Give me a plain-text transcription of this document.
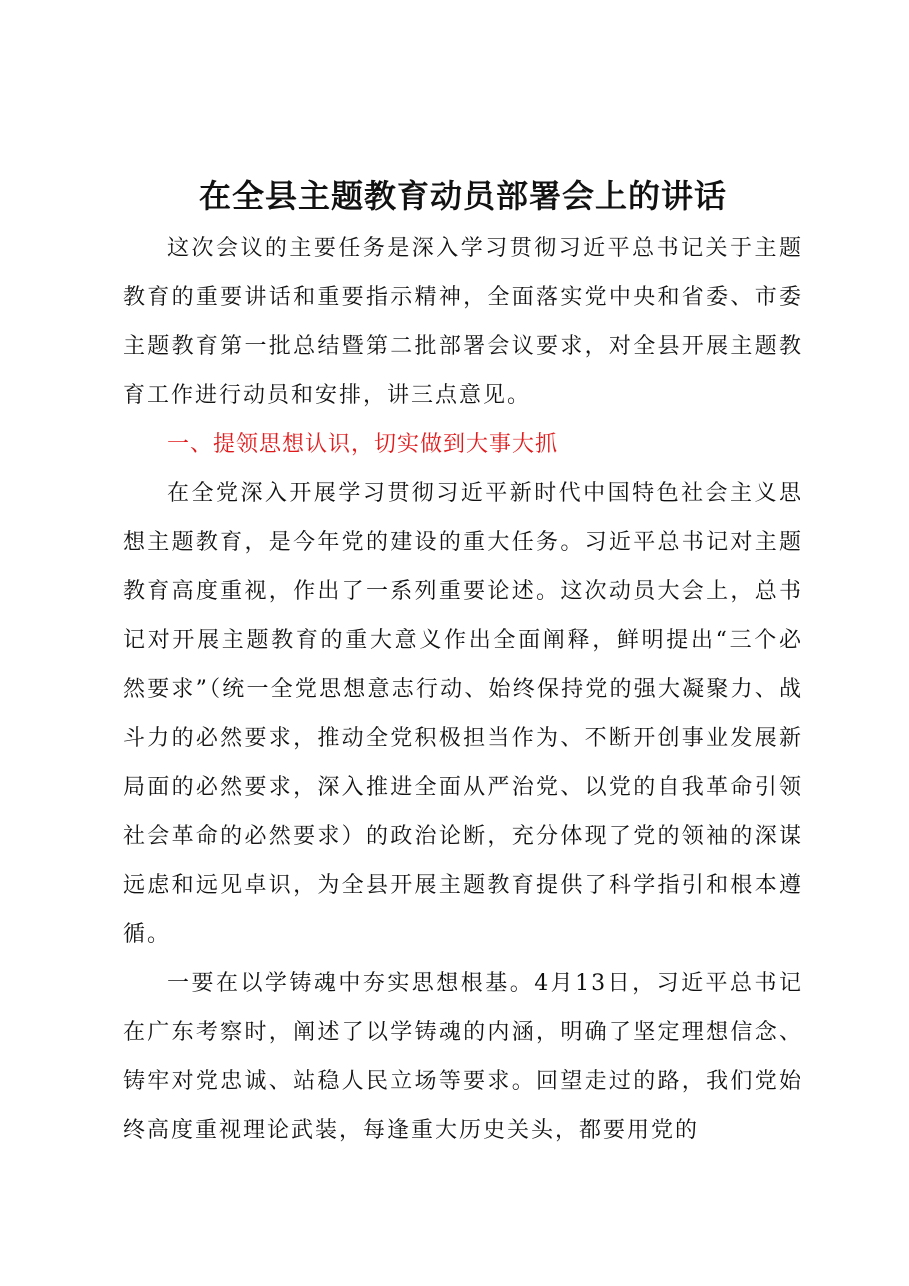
在全县主题教育动员部署会上的讲话

这次会议的主要任务是深入学习贯彻习近平总书记关于主题教育的重要讲话和重要指示精神，全面落实党中央和省委、市委主题教育第一批总结暨第二批部署会议要求，对全县开展主题教育工作进行动员和安排，讲三点意见。

一、提领思想认识，切实做到大事大抓

在全党深入开展学习贯彻习近平新时代中国特色社会主义思想主题教育，是今年党的建设的重大任务。习近平总书记对主题教育高度重视，作出了一系列重要论述。这次动员大会上，总书记对开展主题教育的重大意义作出全面阐释，鲜明提出“三个必然要求”（统一全党思想意志行动、始终保持党的强大凝聚力、战斗力的必然要求，推动全党积极担当作为、不断开创事业发展新局面的必然要求，深入推进全面从严治党、以党的自我革命引领社会革命的必然要求）的政治论断，充分体现了党的领袖的深谋远虑和远见卓识，为全县开展主题教育提供了科学指引和根本遵循。

一要在以学铸魂中夯实思想根基。4月13日，习近平总书记在广东考察时，阐述了以学铸魂的内涵，明确了坚定理想信念、铸牢对党忠诚、站稳人民立场等要求。回望走过的路，我们党始终高度重视理论武装，每逢重大历史关头，都要用党的
